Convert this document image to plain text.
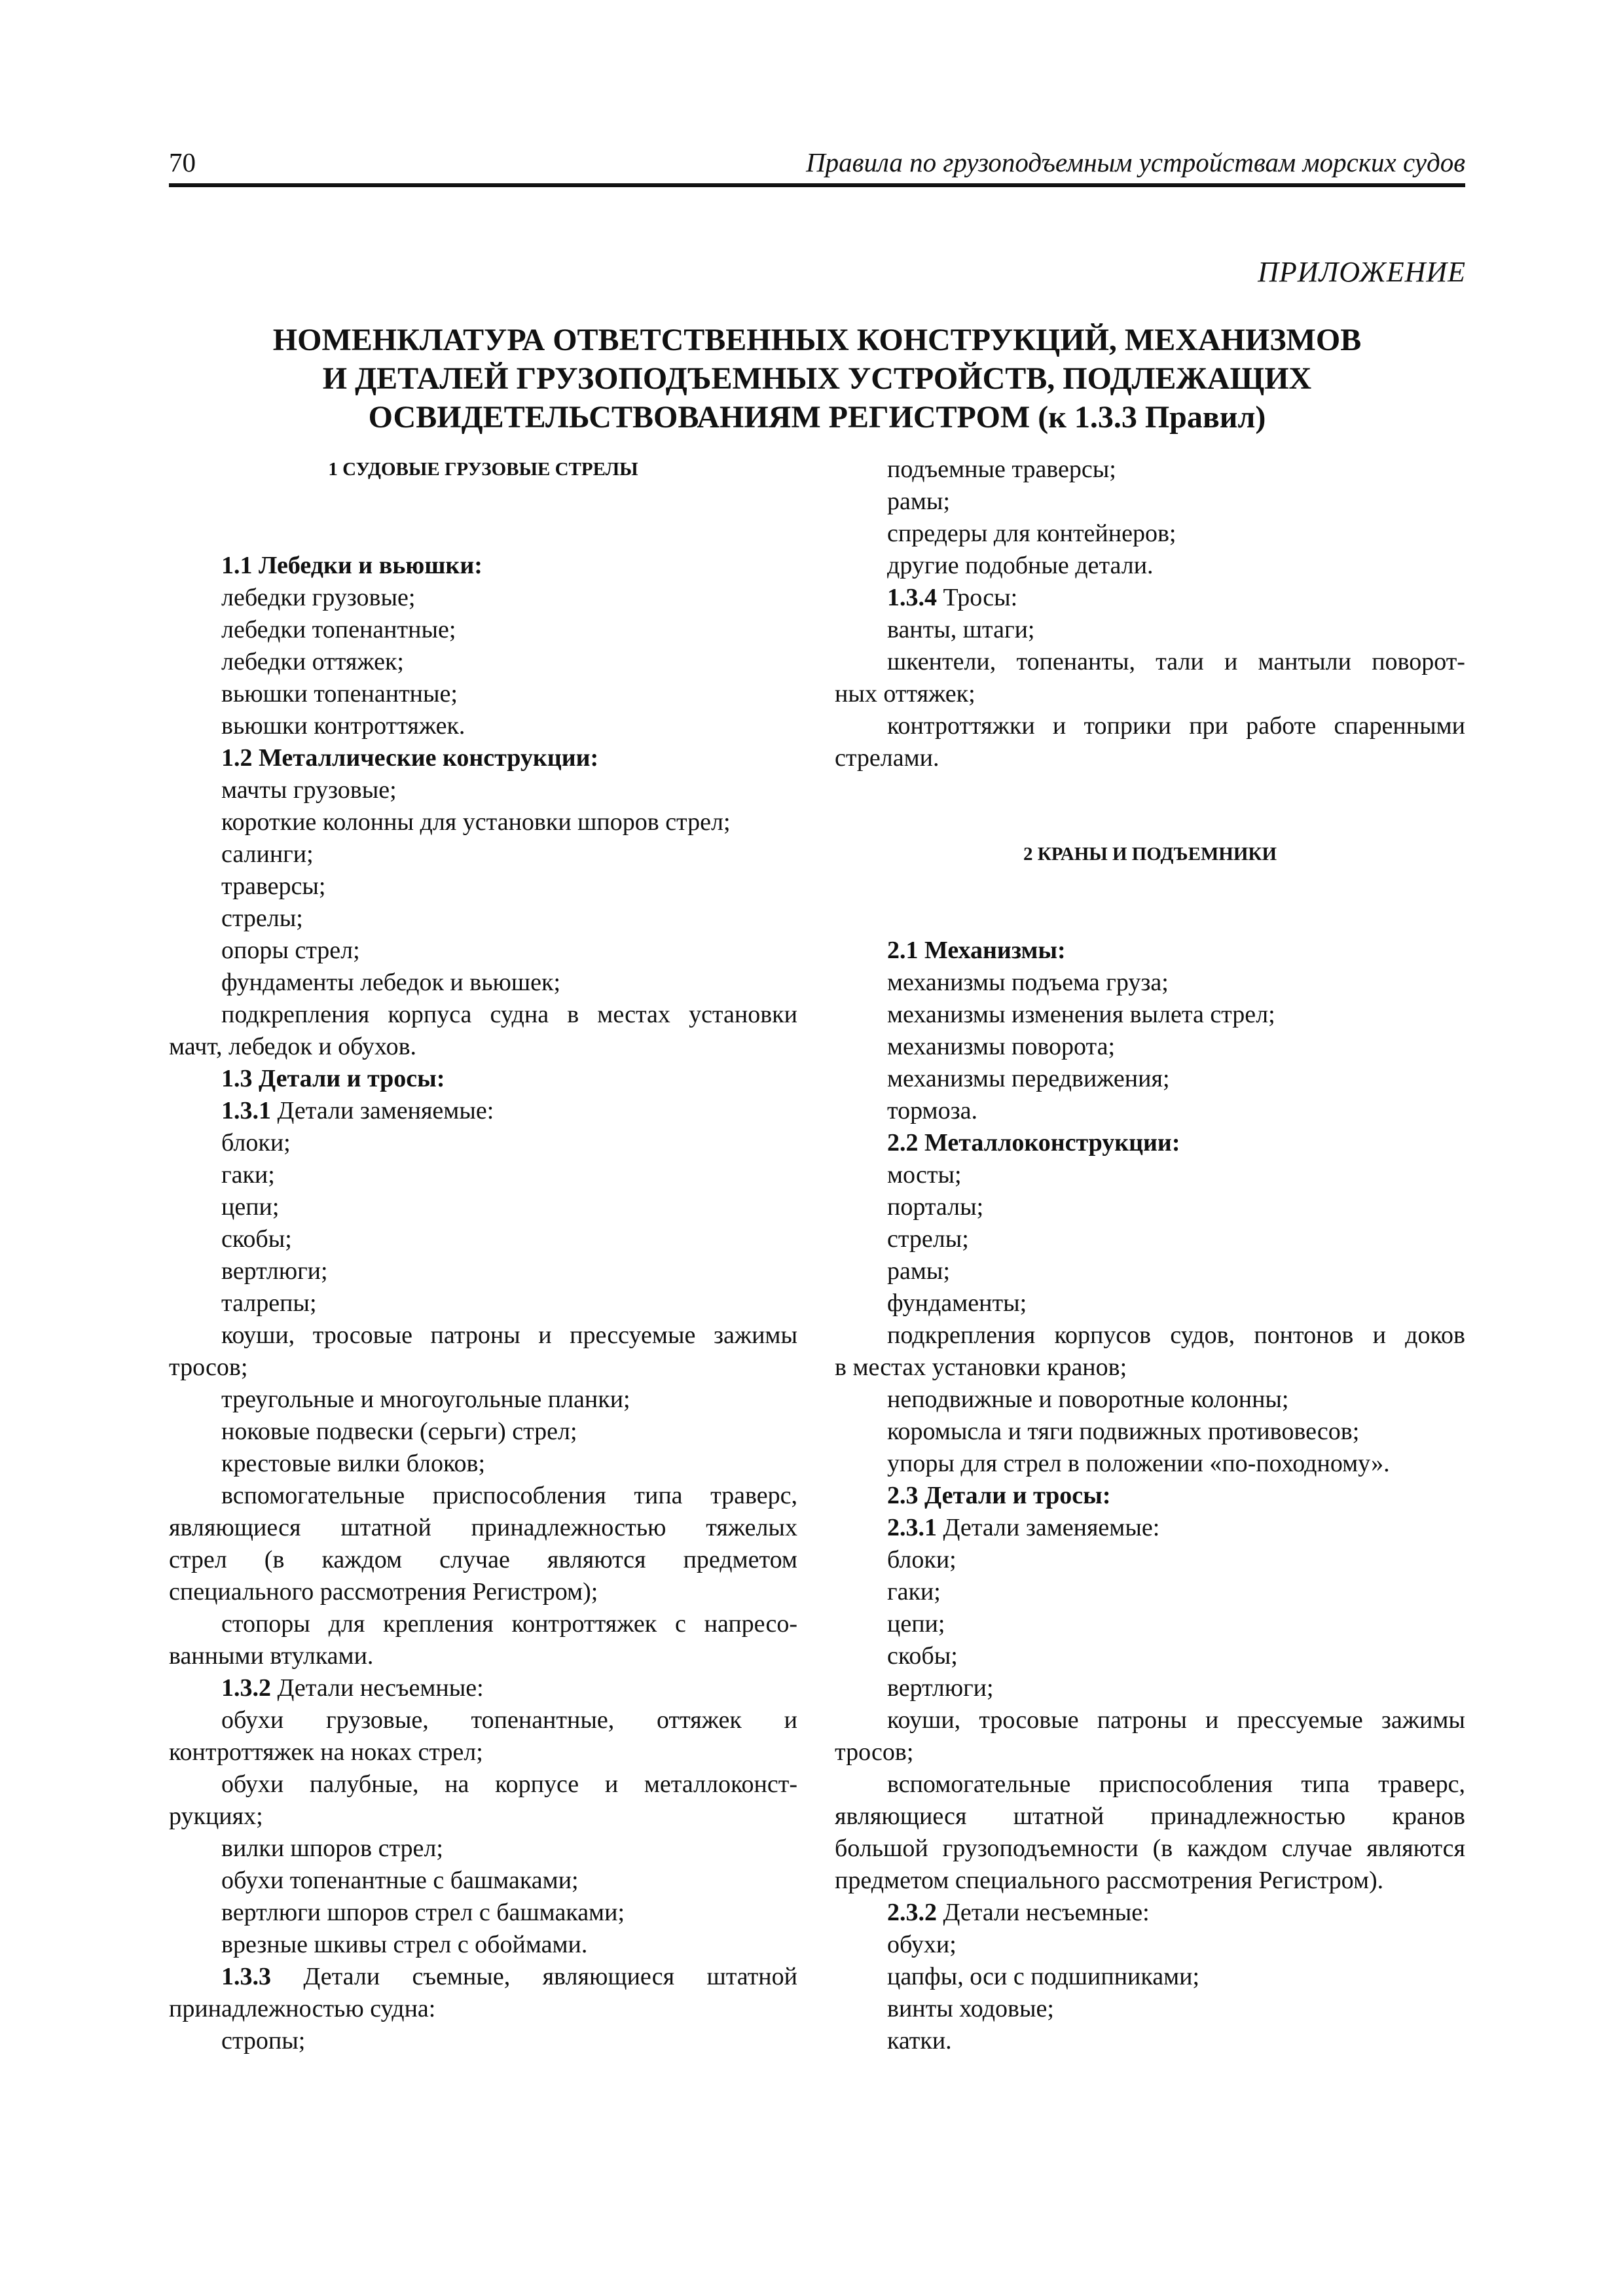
70	Правила по грузоподъемным устройствам морских судов
ПРИЛОЖЕНИЕ
НОМЕНКЛАТУРА ОТВЕТСТВЕННЫХ КОНСТРУКЦИЙ, МЕХАНИЗМОВ
И ДЕТАЛЕЙ ГРУЗОПОДЪЕМНЫХ УСТРОЙСТВ, ПОДЛЕЖАЩИХ
ОСВИДЕТЕЛЬСТВОВАНИЯМ РЕГИСТРОМ (к 1.3.3 Правил)
1 СУДОВЫЕ ГРУЗОВЫЕ СТРЕЛЫ
1.1 Лебедки и вьюшки:
лебедки грузовые;
лебедки топенантные;
лебедки оттяжек;
вьюшки топенантные;
вьюшки контроттяжек.
1.2 Металлические конструкции:
мачты грузовые;
короткие колонны для установки шпоров стрел;
салинги;
траверсы;
стрелы;
опоры стрел;
фундаменты лебедок и вьюшек;
подкрепления корпуса судна в местах установки
мачт, лебедок и обухов.
1.3 Детали и тросы:
1.3.1 Детали заменяемые:
блоки;
гаки;
цепи;
скобы;
вертлюги;
талрепы;
коуши, тросовые патроны и прессуемые зажимы
тросов;
треугольные и многоугольные планки;
ноковые подвески (серьги) стрел;
крестовые вилки блоков;
вспомогательные приспособления типа траверс,
являющиеся штатной принадлежностью тяжелых
стрел (в каждом случае являются предметом
специального рассмотрения Регистром);
стопоры для крепления контроттяжек с напресо-
ванными втулками.
1.3.2 Детали несъемные:
обухи грузовые, топенантные, оттяжек и
контроттяжек на ноках стрел;
обухи палубные, на корпусе и металлоконст-
рукциях;
вилки шпоров стрел;
обухи топенантные с башмаками;
вертлюги шпоров стрел с башмаками;
врезные шкивы стрел с обоймами.
1.3.3 Детали съемные, являющиеся штатной
принадлежностью судна:
стропы;
подъемные траверсы;
рамы;
спредеры для контейнеров;
другие подобные детали.
1.3.4 Тросы:
ванты, штаги;
шкентели, топенанты, тали и мантыли поворот-
ных оттяжек;
контроттяжки и топрики при работе спаренными
стрелами.
2 КРАНЫ И ПОДЪЕМНИКИ
2.1 Механизмы:
механизмы подъема груза;
механизмы изменения вылета стрел;
механизмы поворота;
механизмы передвижения;
тормоза.
2.2 Металлоконструкции:
мосты;
порталы;
стрелы;
рамы;
фундаменты;
подкрепления корпусов судов, понтонов и доков
в местах установки кранов;
неподвижные и поворотные колонны;
коромысла и тяги подвижных противовесов;
упоры для стрел в положении «по-походному».
2.3 Детали и тросы:
2.3.1 Детали заменяемые:
блоки;
гаки;
цепи;
скобы;
вертлюги;
коуши, тросовые патроны и прессуемые зажимы
тросов;
вспомогательные приспособления типа траверс,
являющиеся штатной принадлежностью кранов
большой грузоподъемности (в каждом случае являются
предметом специального рассмотрения Регистром).
2.3.2 Детали несъемные:
обухи;
цапфы, оси с подшипниками;
винты ходовые;
катки.
